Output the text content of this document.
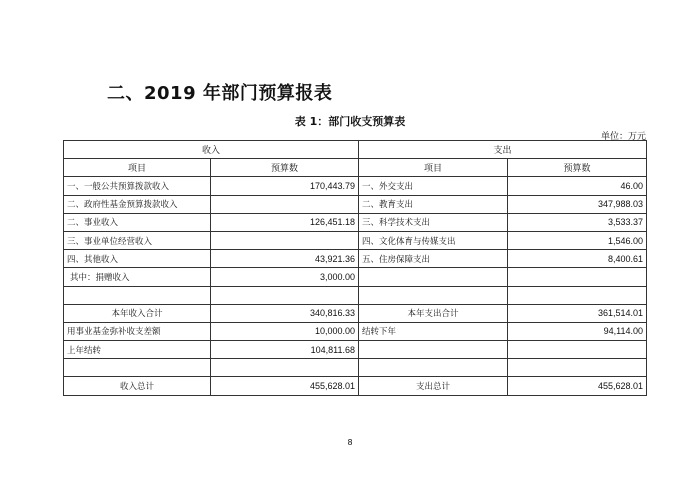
二、2019 年部门预算报表
表 1：部门收支预算表
单位：万元
收入		支出	
项目	预算数	项目	预算数
一、一般公共预算拨款收入	170,443.79	一、外交支出	46.00
二、政府性基金预算拨款收入		二、教育支出	347,988.03
二、事业收入	126,451.18	三、科学技术支出	3,533.37
三、事业单位经营收入		四、文化体育与传媒支出	1,546.00
四、其他收入	43,921.36	五、住房保障支出	8,400.61
其中：捐赠收入	3,000.00		

本年收入合计	340,816.33	本年支出合计	361,514.01
用事业基金弥补收支差额	10,000.00	结转下年	94,114.00
上年结转	104,811.68		

收入总计	455,628.01	支出总计	455,628.01
8
